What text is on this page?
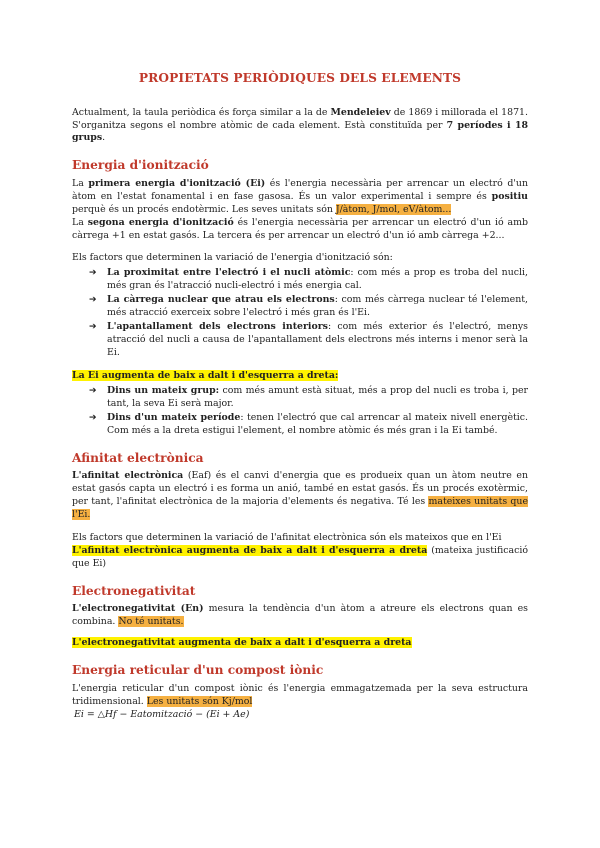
PROPIETATS PERIÒDIQUES DELS ELEMENTS

Actualment, la taula periòdica és força similar a la de Mendeleiev de 1869 i millorada el 1871. S'organitza segons el nombre atòmic de cada element. Està constituïda per 7 períodes i 18 grups.

Energia d'ionització

La primera energia d'ionització (Ei) és l'energia necessària per arrencar un electró d'un àtom en l'estat fonamental i en fase gasosa. És un valor experimental i sempre és positiu perquè és un procés endotèrmic. Les seves unitats són J/àtom, J/mol, eV/àtom...

La segona energia d'ionització és l'energia necessària per arrencar un electró d'un ió amb càrrega +1 en estat gasós. La tercera és per arrencar un electró d'un ió amb càrrega +2...

Els factors que determinen la variació de l'energia d'ionització són:

➔ La proximitat entre l'electró i el nucli atòmic: com més a prop es troba del nucli, més gran és l'atracció nucli-electró i més energia cal.
➔ La càrrega nuclear que atrau els electrons: com més càrrega nuclear té l'element, més atracció exerceix sobre l'electró i més gran és l'Ei.
➔ L'apantallament dels electrons interiors: com més exterior és l'electró, menys atracció del nucli a causa de l'apantallament dels electrons més interns i menor serà la Ei.

La Ei augmenta de baix a dalt i d'esquerra a dreta:

➔ Dins un mateix grup: com més amunt està situat, més a prop del nucli es troba i, per tant, la seva Ei serà major.
➔ Dins d'un mateix període: tenen l'electró que cal arrencar al mateix nivell energètic. Com més a la dreta estigui l'element, el nombre atòmic és més gran i la Ei també.
Afinitat electrònica

L'afinitat electrònica (Eaf) és el canvi d'energia que es produeix quan un àtom neutre en estat gasós capta un electró i es forma un anió, també en estat gasós. És un procés exotèrmic, per tant, l'afinitat electrònica de la majoria d'elements és negativa. Té les mateixes unitats que l'Ei.

Els factors que determinen la variació de l'afinitat electrònica són els mateixos que en l'Ei

L'afinitat electrònica augmenta de baix a dalt i d'esquerra a dreta (mateixa justificació que Ei)

Electronegativitat

L'electronegativitat (En) mesura la tendència d'un àtom a atreure els electrons quan es combina. No té unitats.

L'electronegativitat augmenta de baix a dalt i d'esquerra a dreta

Energia reticular d'un compost iònic

L'energia reticular d'un compost iònic és l'energia emmagatzemada per la seva estructura tridimensional. Les unitats són Kj/mol

Ei = △Hf − Eatomització − (Ei + Ae)
